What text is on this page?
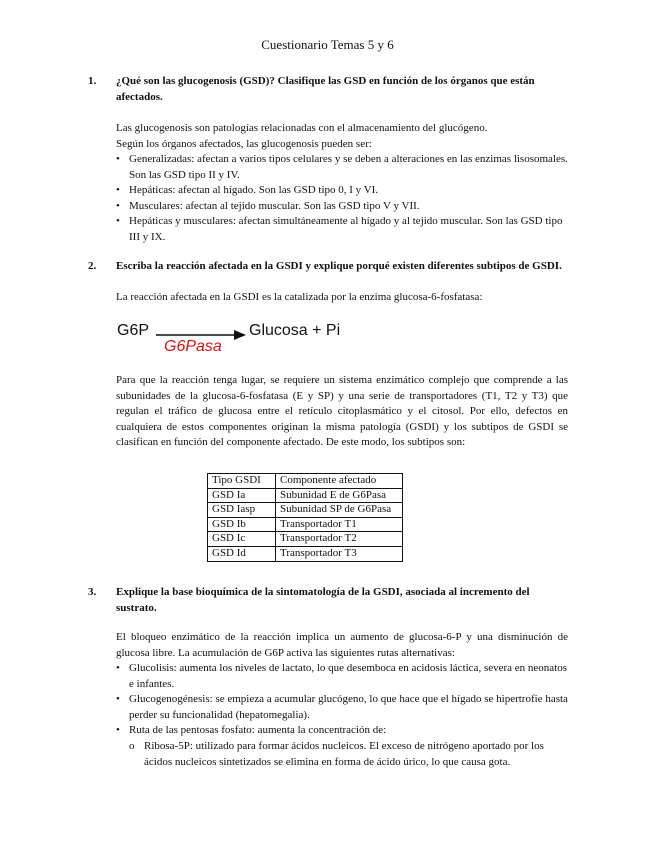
Cuestionario Temas 5 y 6
1. ¿Qué son las glucogenosis (GSD)? Clasifique las GSD en función de los órganos que están afectados.
Las glucogenosis son patologías relacionadas con el almacenamiento del glucógeno.
Según los órganos afectados, las glucogenosis pueden ser:
• Generalizadas: afectan a varios tipos celulares y se deben a alteraciones en las enzimas lisosomales. Son las GSD tipo II y IV.
• Hepáticas: afectan al hígado. Son las GSD tipo 0, I y VI.
• Musculares: afectan al tejido muscular. Son las GSD tipo V y VII.
• Hepáticas y musculares: afectan simultáneamente al hígado y al tejido muscular. Son las GSD tipo III y IX.
2. Escriba la reacción afectada en la GSDI y explique porqué existen diferentes subtipos de GSDI.
La reacción afectada en la GSDI es la catalizada por la enzima glucosa-6-fosfatasa:
G6P
G6Pasa
Glucosa + Pi
Para que la reacción tenga lugar, se requiere un sistema enzimático complejo que comprende a las subunidades de la glucosa-6-fosfatasa (E y SP) y una serie de transportadores (T1, T2 y T3) que regulan el tráfico de glucosa entre el retículo citoplasmático y el citosol. Por ello, defectos en cualquiera de estos componentes originan la misma patología (GSDI) y los subtipos de GSDI se clasifican en función del componente afectado. De este modo, los subtipos son:
Tipo GSDI	Componente afectado
GSD Ia	Subunidad E de G6Pasa
GSD Iasp	Subunidad SP de G6Pasa
GSD Ib	Transportador T1
GSD Ic	Transportador T2
GSD Id	Transportador T3
3. Explique la base bioquímica de la sintomatología de la GSDI, asociada al incremento del sustrato.
El bloqueo enzimático de la reacción implica un aumento de glucosa-6-P y una disminución de glucosa libre. La acumulación de G6P activa las siguientes rutas alternativas:
• Glucolisis: aumenta los niveles de lactato, lo que desemboca en acidosis láctica, severa en neonatos e infantes.
• Glucogenogénesis: se empieza a acumular glucógeno, lo que hace que el hígado se hipertrofie hasta perder su funcionalidad (hepatomegalia).
• Ruta de las pentosas fosfato: aumenta la concentración de:
o Ribosa-5P: utilizado para formar ácidos nucleicos. El exceso de nitrógeno aportado por los ácidos nucleicos sintetizados se elimina en forma de ácido úrico, lo que causa gota.
